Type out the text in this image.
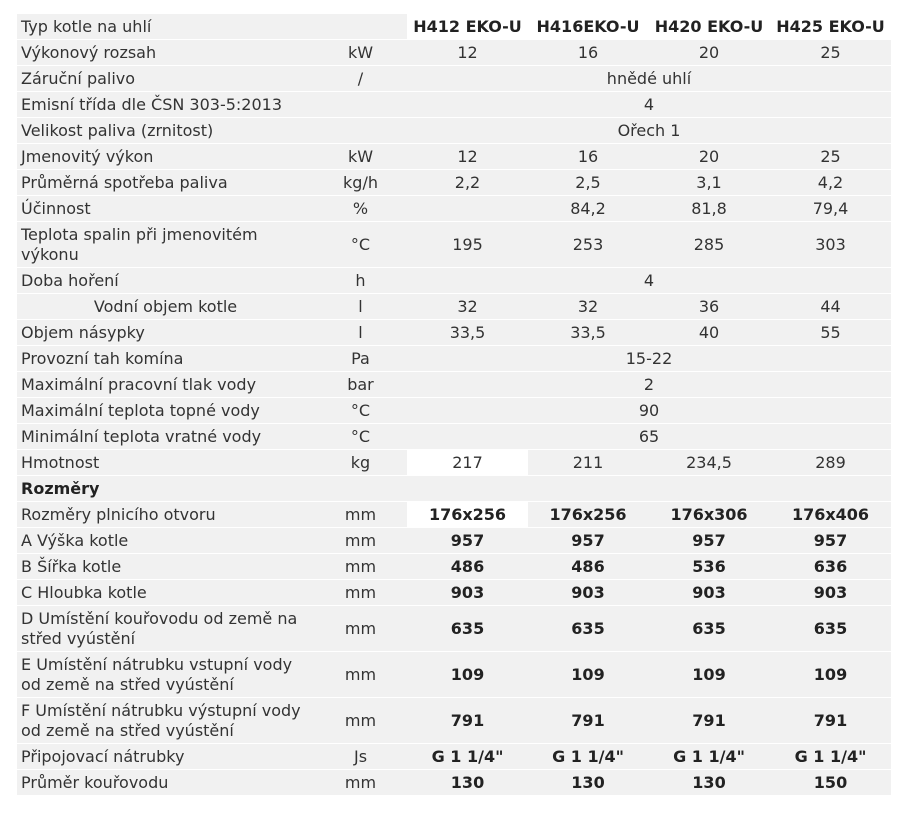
Typ kotle na uhlí		H412 EKO-U	H416EKO-U	H420 EKO-U	H425 EKO-U
Výkonový rozsah	kW	12	16	20	25
Záruční palivo	/	hnědé uhlí			
Emisní třída dle ČSN 303-5:2013		4			
Velikost paliva (zrnitost)		Ořech 1			
Jmenovitý výkon	kW	12	16	20	25
Průměrná spotřeba paliva	kg/h	2,2	2,5	3,1	4,2
Účinnost	%		84,2	81,8	79,4
Teplota spalin při jmenovitém výkonu	°C	195	253	285	303
Doba hoření	h	4			
Vodní objem kotle	l	32	32	36	44
Objem násypky	l	33,5	33,5	40	55
Provozní tah komína	Pa	15-22			
Maximální pracovní tlak vody	bar	2			
Maximální teplota topné vody	°C	90			
Minimální teplota vratné vody	°C	65			
Hmotnost	kg	217	211	234,5	289
Rozměry					
Rozměry plnicího otvoru	mm	176x256	176x256	176x306	176x406
A Výška kotle	mm	957	957	957	957
B Šířka kotle	mm	486	486	536	636
C Hloubka kotle	mm	903	903	903	903
D Umístění kouřovodu od země na střed vyústění	mm	635	635	635	635
E Umístění nátrubku vstupní vody od země na střed vyústění	mm	109	109	109	109
F Umístění nátrubku výstupní vody od země na střed vyústění	mm	791	791	791	791
Připojovací nátrubky	Js	G 1 1/4"	G 1 1/4"	G 1 1/4"	G 1 1/4"
Průměr kouřovodu	mm	130	130	130	150
